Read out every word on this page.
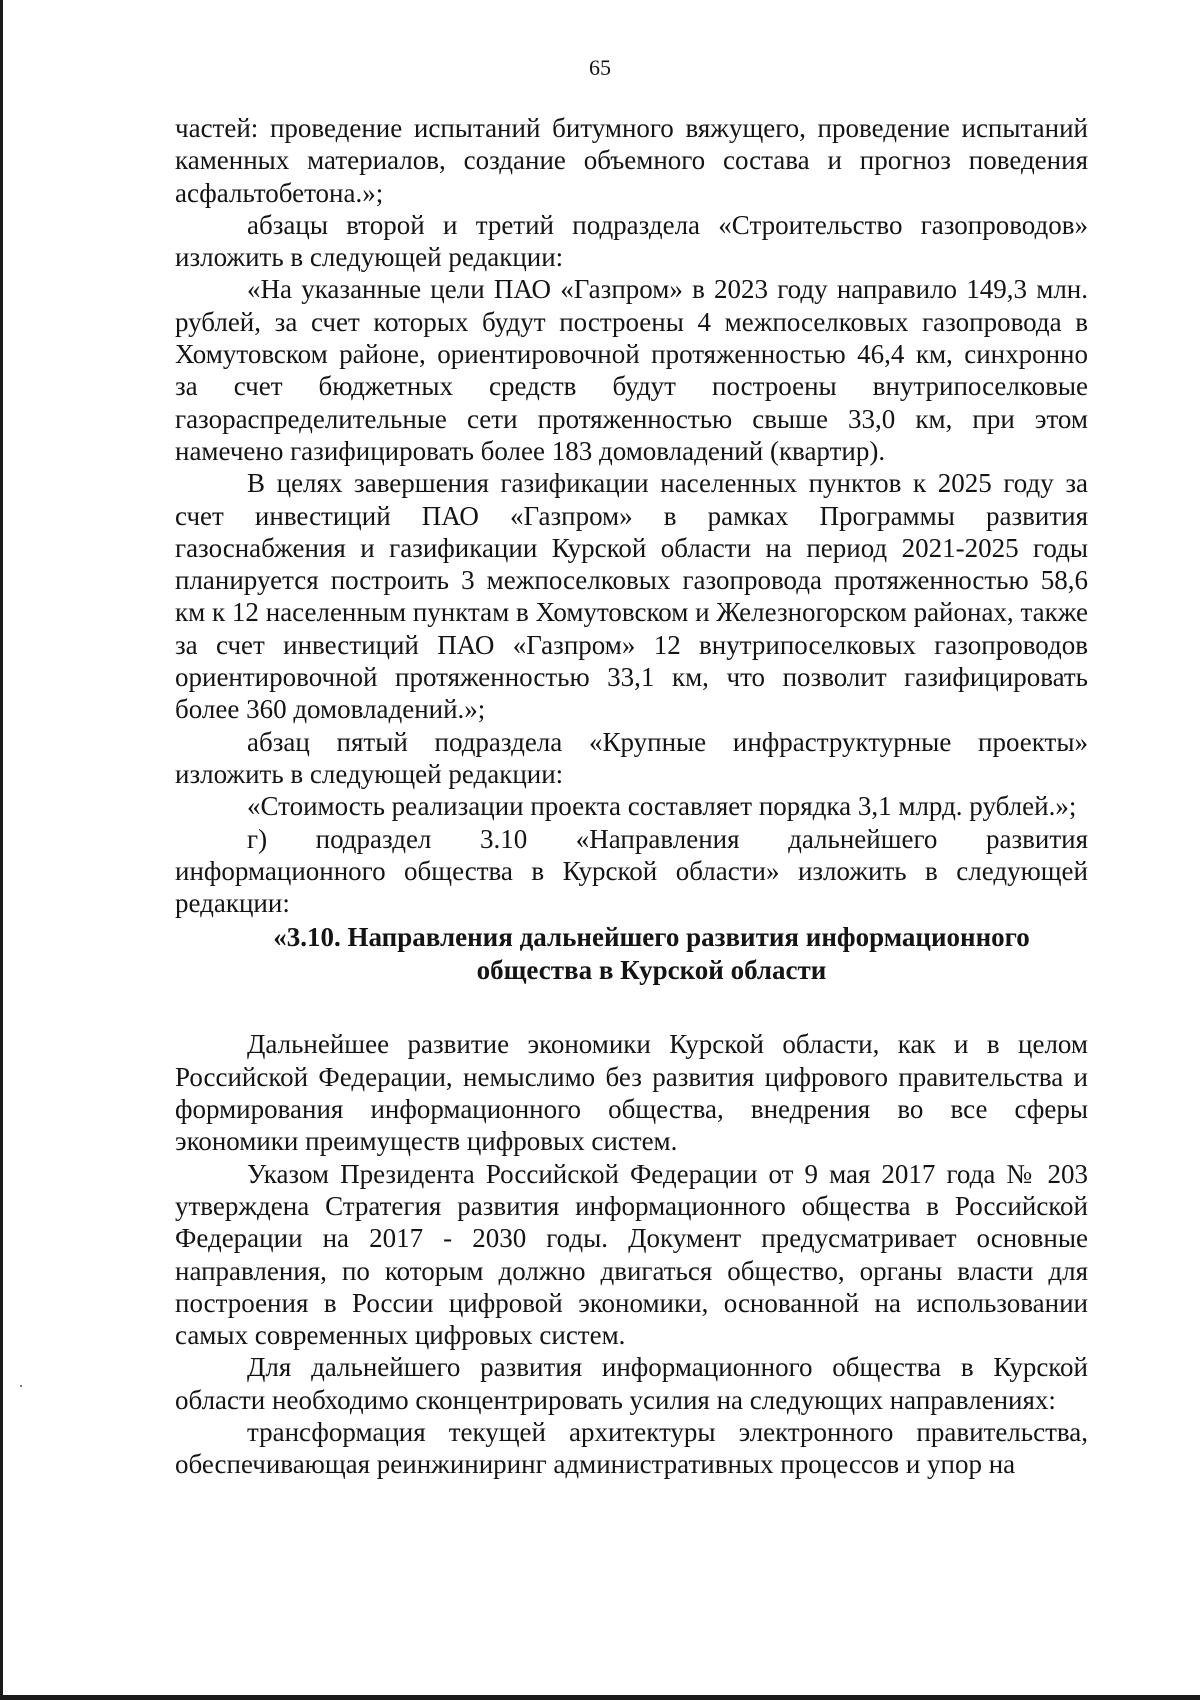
65

частей: проведение испытаний битумного вяжущего, проведение испытаний каменных материалов, создание объемного состава и прогноз поведения асфальтобетона.»;

абзацы второй и третий подраздела «Строительство газопроводов» изложить в следующей редакции:

«На указанные цели ПАО «Газпром» в 2023 году направило 149,3 млн. рублей, за счет которых будут построены 4 межпоселковых газопровода в Хомутовском районе, ориентировочной протяженностью 46,4 км, синхронно за счет бюджетных средств будут построены внутрипоселковые газораспределительные сети протяженностью свыше 33,0 км, при этом намечено газифицировать более 183 домовладений (квартир).

В целях завершения газификации населенных пунктов к 2025 году за счет инвестиций ПАО «Газпром» в рамках Программы развития газоснабжения и газификации Курской области на период 2021-2025 годы планируется построить 3 межпоселковых газопровода протяженностью 58,6 км к 12 населенным пунктам в Хомутовском и Железногорском районах, также за счет инвестиций ПАО «Газпром» 12 внутрипоселковых газопроводов ориентировочной протяженностью 33,1 км, что позволит газифицировать более 360 домовладений.»;

абзац пятый подраздела «Крупные инфраструктурные проекты» изложить в следующей редакции:

«Стоимость реализации проекта составляет порядка 3,1 млрд. рублей.»;

г) подраздел 3.10 «Направления дальнейшего развития информационного общества в Курской области» изложить в следующей редакции:

«3.10. Направления дальнейшего развития информационного
общества в Курской области

Дальнейшее развитие экономики Курской области, как и в целом Российской Федерации, немыслимо без развития цифрового правительства и формирования информационного общества, внедрения во все сферы экономики преимуществ цифровых систем.

Указом Президента Российской Федерации от 9 мая 2017 года № 203 утверждена Стратегия развития информационного общества в Российской Федерации на 2017 - 2030 годы. Документ предусматривает основные направления, по которым должно двигаться общество, органы власти для построения в России цифровой экономики, основанной на использовании самых современных цифровых систем.

Для дальнейшего развития информационного общества в Курской области необходимо сконцентрировать усилия на следующих направлениях:

трансформация текущей архитектуры электронного правительства, обеспечивающая реинжиниринг административных процессов и упор на
